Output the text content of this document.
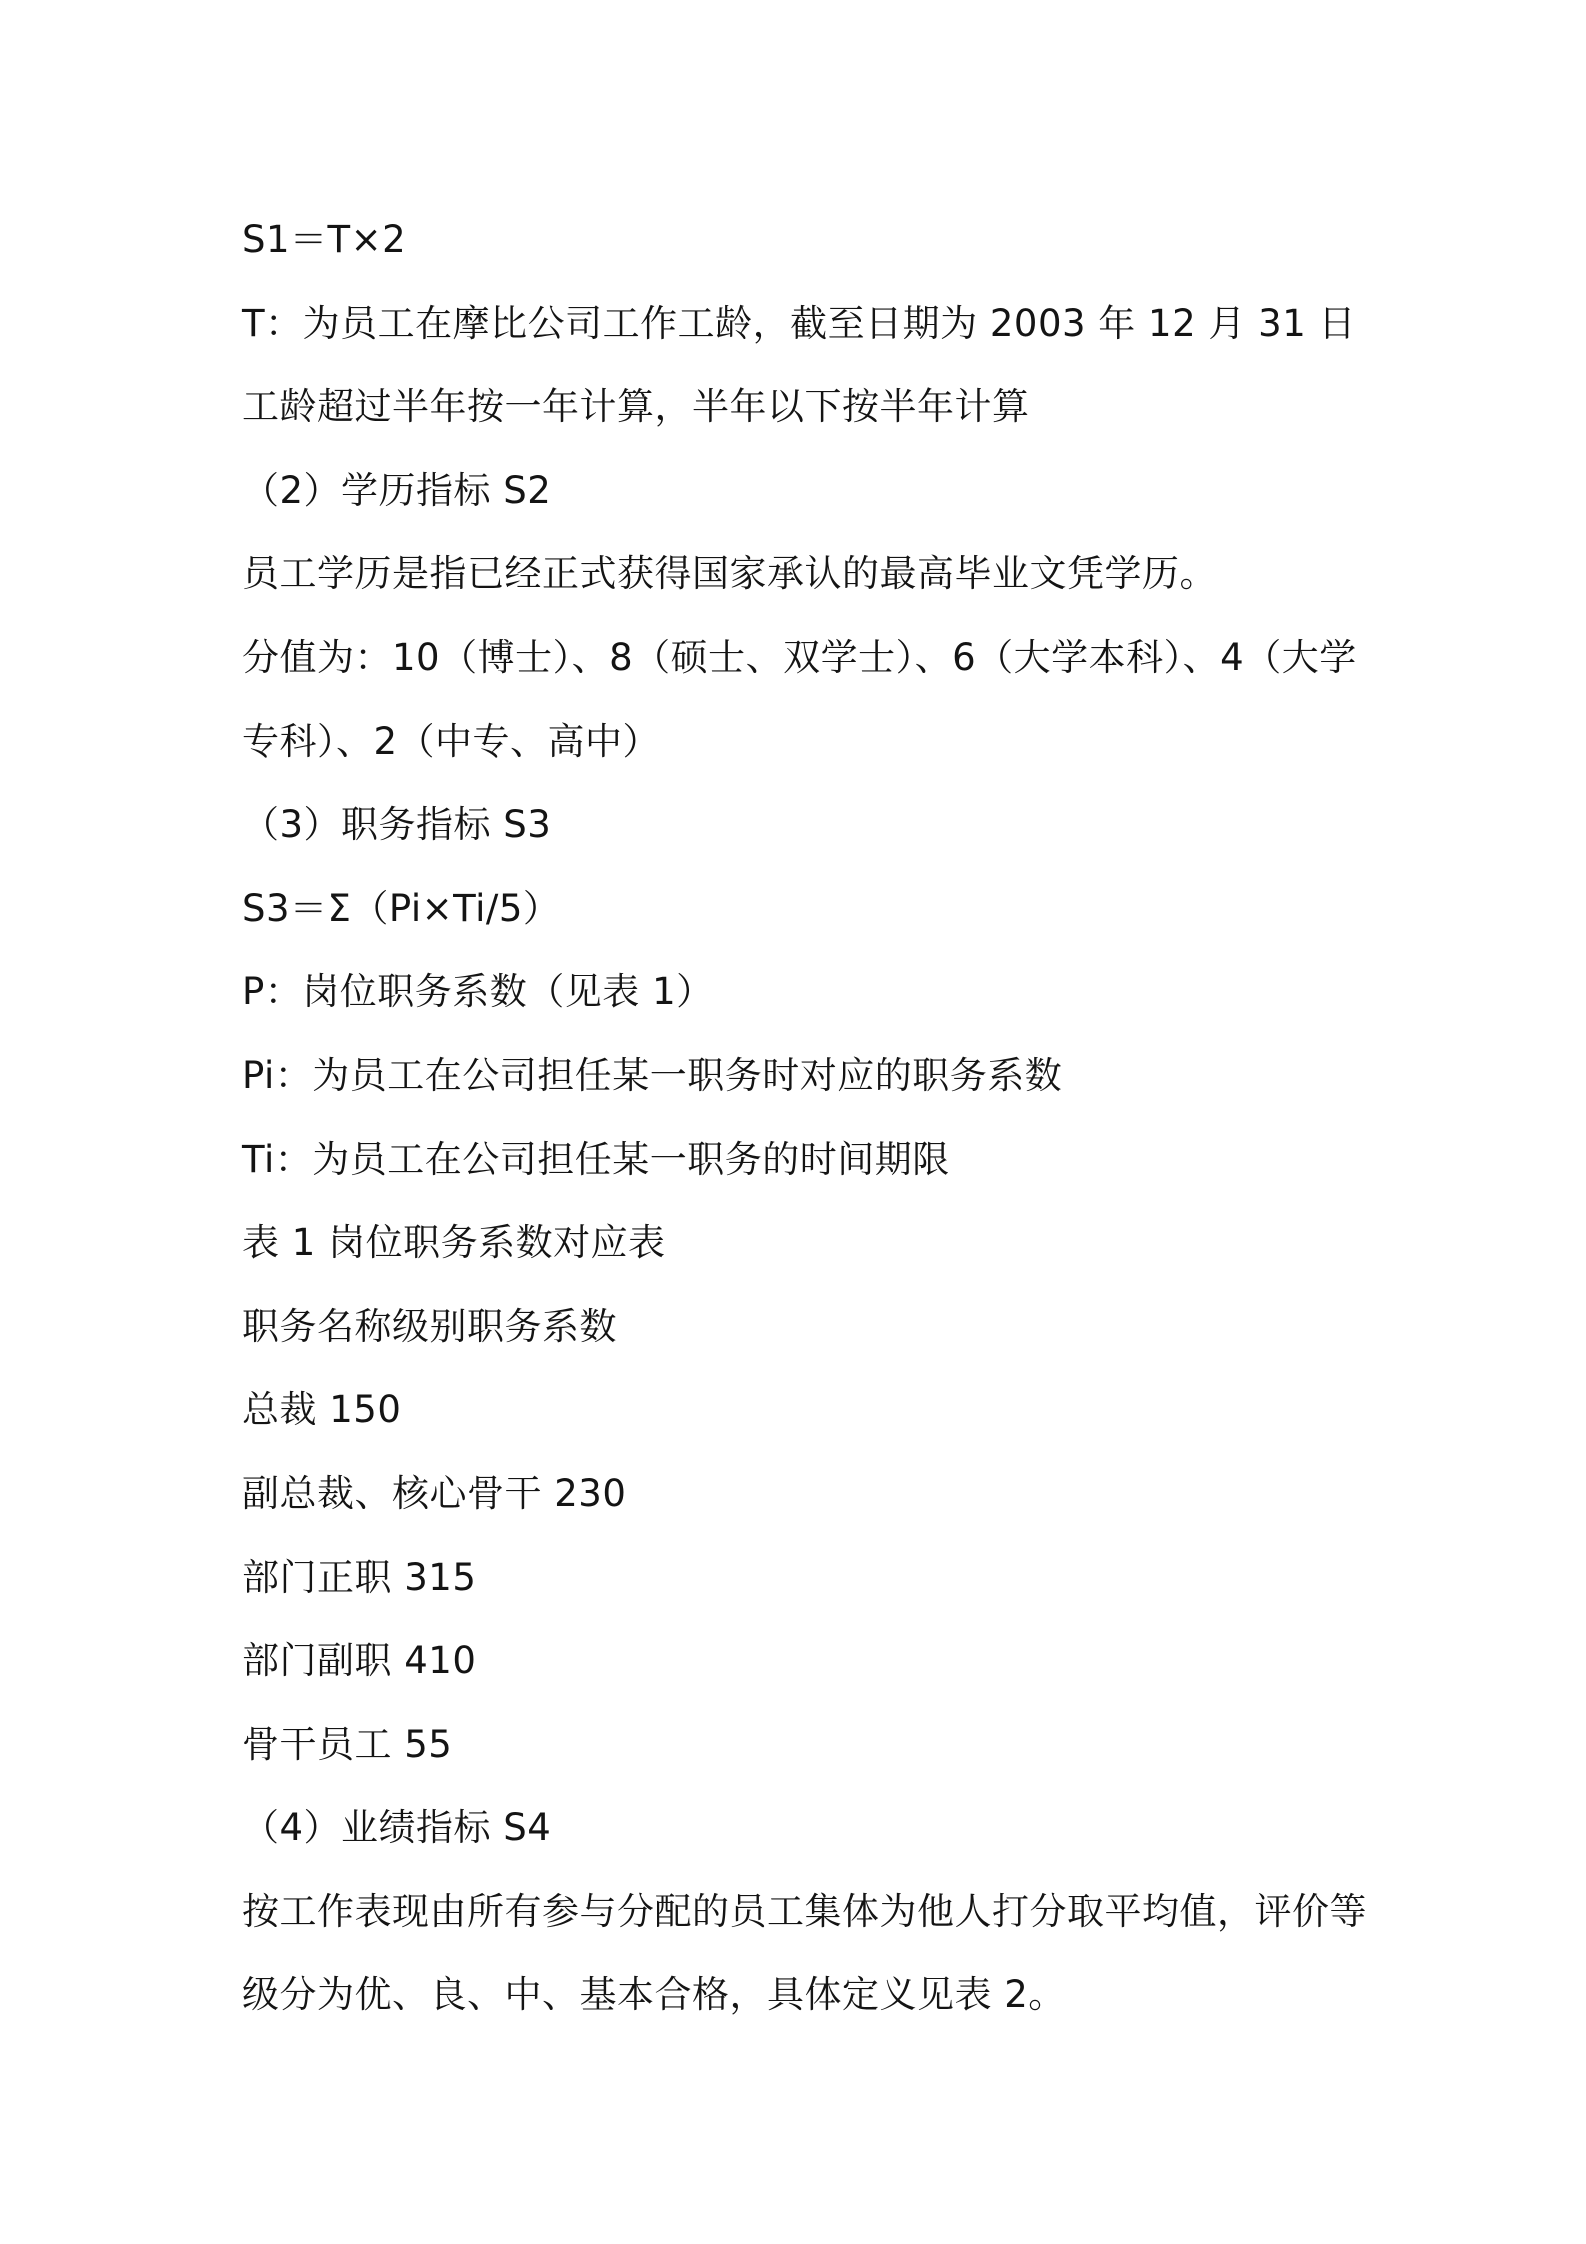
S1＝T×2
T：为员工在摩比公司工作工龄，截至日期为 2003 年 12 月 31 日
工龄超过半年按一年计算，半年以下按半年计算
（2）学历指标 S2
员工学历是指已经正式获得国家承认的最高毕业文凭学历。
分值为：10（博士）、8（硕士、双学士）、6（大学本科）、4（大学
专科）、2（中专、高中）
（3）职务指标 S3
S3＝Σ（Pi×Ti/5）
P：岗位职务系数（见表 1）
Pi：为员工在公司担任某一职务时对应的职务系数
Ti：为员工在公司担任某一职务的时间期限
表 1 岗位职务系数对应表
职务名称级别职务系数
总裁 150
副总裁、核心骨干 230
部门正职 315
部门副职 410
骨干员工 55
（4）业绩指标 S4
按工作表现由所有参与分配的员工集体为他人打分取平均值，评价等
级分为优、良、中、基本合格，具体定义见表 2。
